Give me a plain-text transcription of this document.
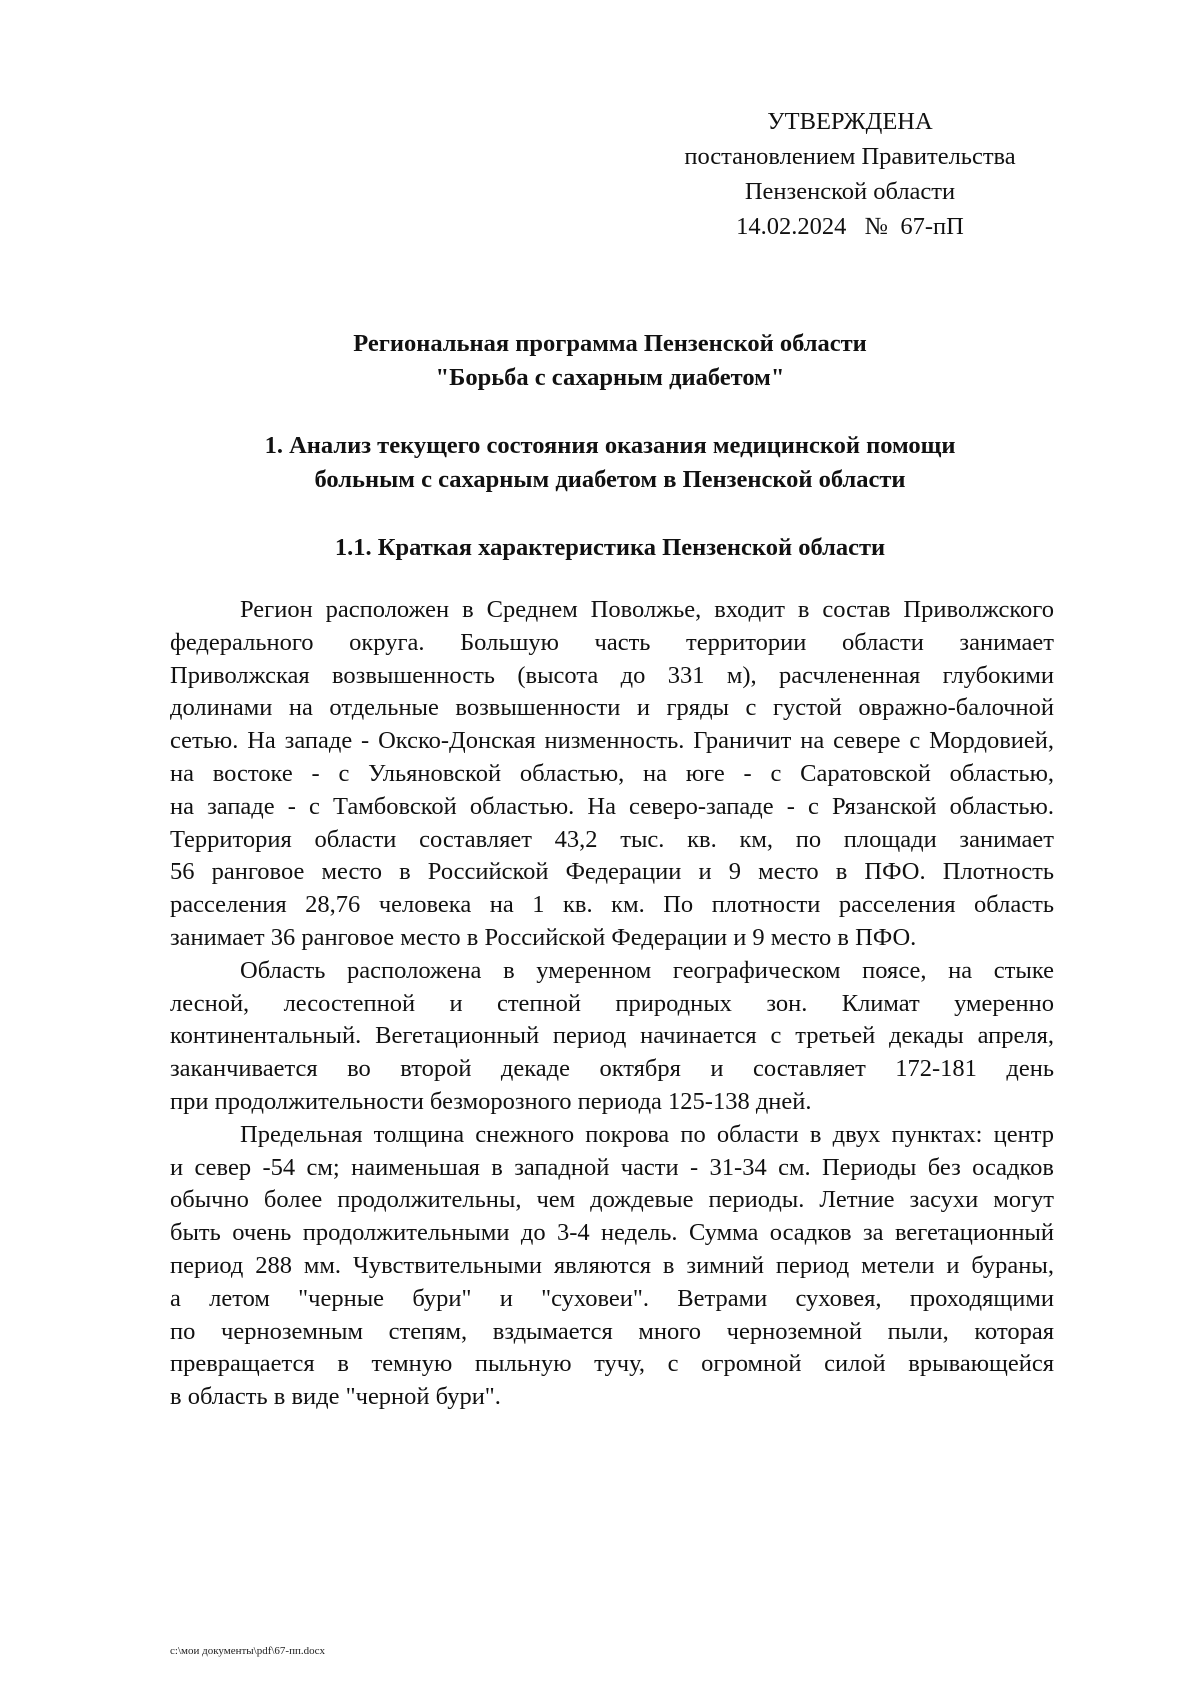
УТВЕРЖДЕНА
постановлением Правительства
Пензенской области
14.02.2024   №  67-пП
Региональная программа Пензенской области
"Борьба с сахарным диабетом"
1. Анализ текущего состояния оказания медицинской помощи
больным с сахарным диабетом в Пензенской области
1.1. Краткая характеристика Пензенской области
Регион расположен в Среднем Поволжье, входит в состав Приволжского
федерального округа. Большую часть территории области занимает
Приволжская возвышенность (высота до 331 м), расчлененная глубокими
долинами на отдельные возвышенности и гряды с густой овражно-балочной
сетью. На западе - Окско-Донская низменность. Граничит на севере с Мордовией,
на востоке - с Ульяновской областью, на юге - с Саратовской областью,
на западе - с Тамбовской областью. На северо-западе - с Рязанской областью.
Территория области составляет 43,2 тыс. кв. км, по площади занимает
56 ранговое место в Российской Федерации и 9 место в ПФО. Плотность
расселения 28,76 человека на 1 кв. км. По плотности расселения область
занимает 36 ранговое место в Российской Федерации и 9 место в ПФО.
Область расположена в умеренном географическом поясе, на стыке
лесной, лесостепной и степной природных зон. Климат умеренно
континентальный. Вегетационный период начинается с третьей декады апреля,
заканчивается во второй декаде октября и составляет 172-181 день
при продолжительности безморозного периода 125-138 дней.
Предельная толщина снежного покрова по области в двух пунктах: центр
и север -54 см; наименьшая в западной части - 31-34 см. Периоды без осадков
обычно более продолжительны, чем дождевые периоды. Летние засухи могут
быть очень продолжительными до 3-4 недель. Сумма осадков за вегетационный
период 288 мм. Чувствительными являются в зимний период метели и бураны,
а летом "черные бури" и "суховеи". Ветрами суховея, проходящими
по черноземным степям, вздымается много черноземной пыли, которая
превращается в темную пыльную тучу, с огромной силой врывающейся
в область в виде "черной бури".
c:\мои документы\pdf\67-пп.docx
